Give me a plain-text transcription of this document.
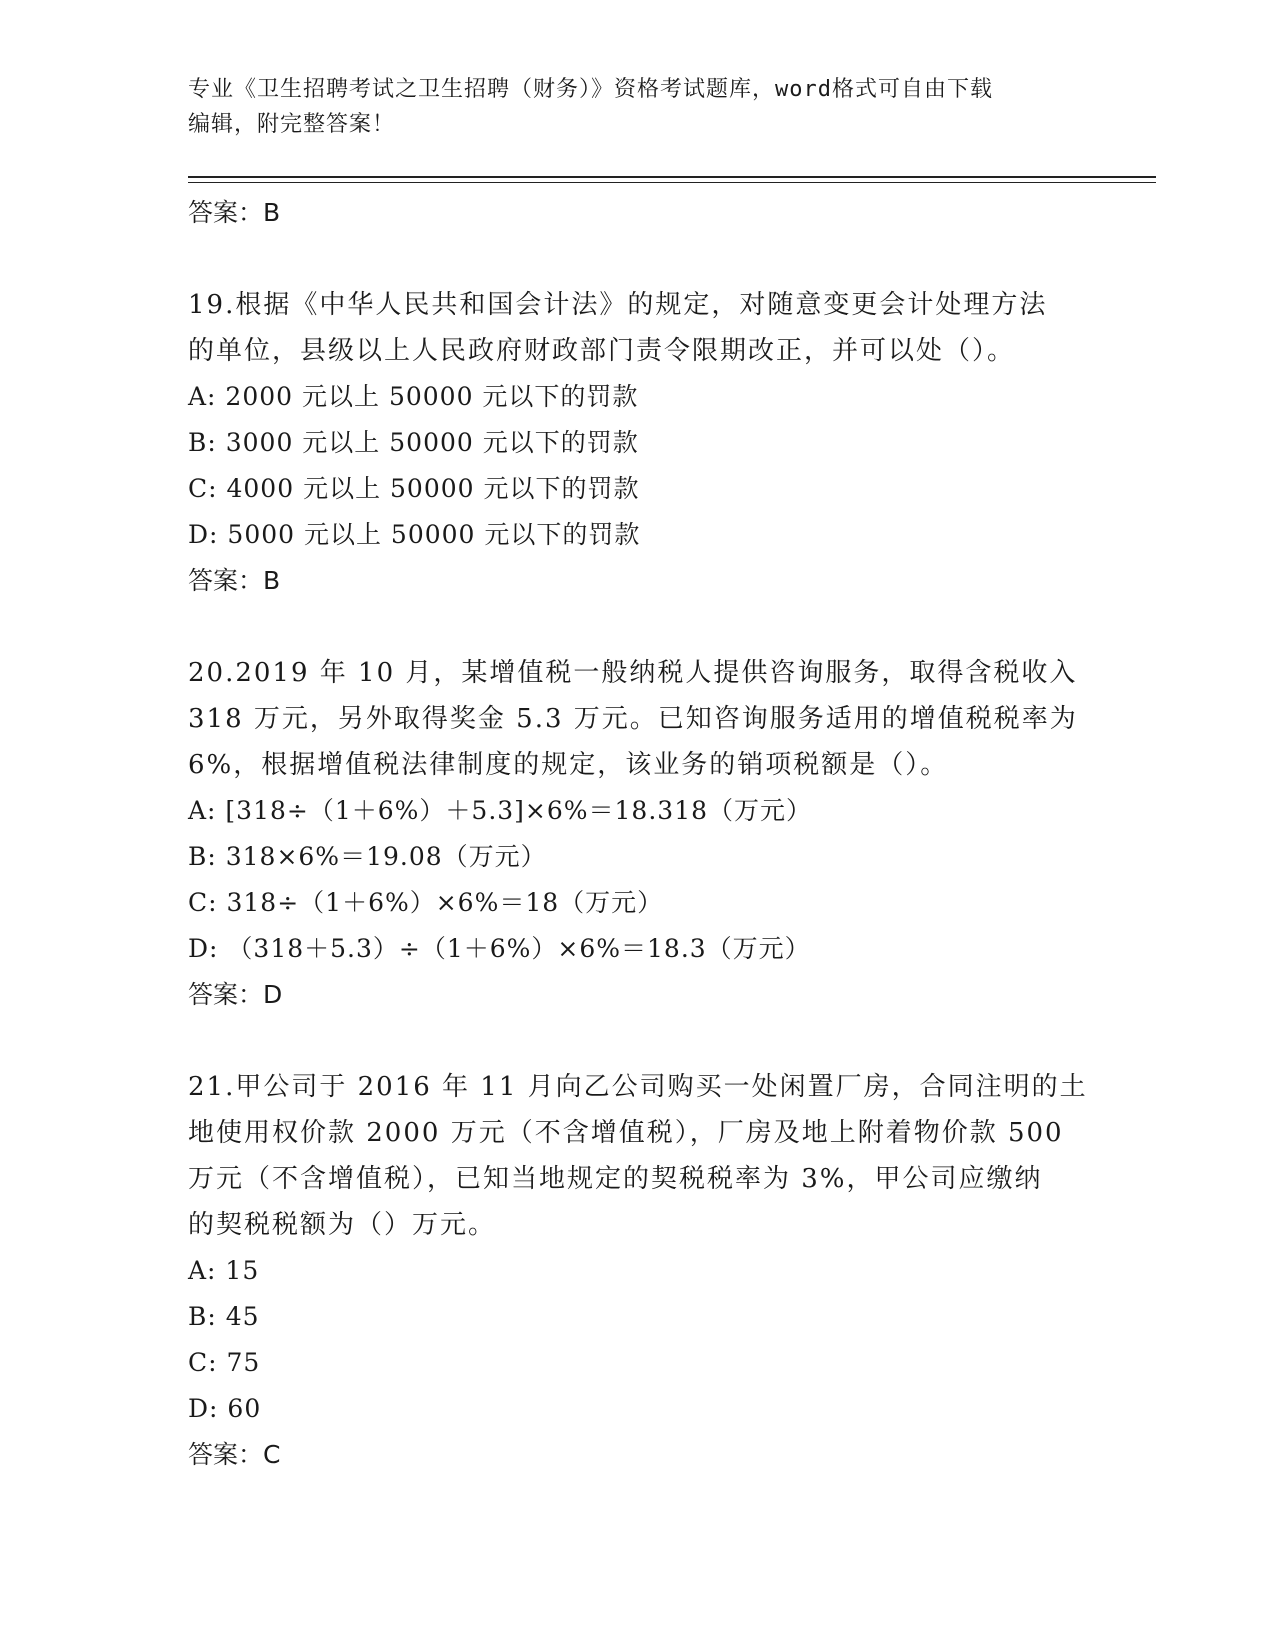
专业《卫生招聘考试之卫生招聘（财务）》资格考试题库，word格式可自由下载
编辑，附完整答案！
答案：B
19.根据《中华人民共和国会计法》的规定，对随意变更会计处理方法
的单位，县级以上人民政府财政部门责令限期改正，并可以处（）。
A: 2000 元以上 50000 元以下的罚款
B: 3000 元以上 50000 元以下的罚款
C: 4000 元以上 50000 元以下的罚款
D: 5000 元以上 50000 元以下的罚款
答案：B
20.2019 年 10 月，某增值税一般纳税人提供咨询服务，取得含税收入
318 万元，另外取得奖金 5.3 万元。已知咨询服务适用的增值税税率为
6%，根据增值税法律制度的规定，该业务的销项税额是（）。
A: [318÷（1＋6%）＋5.3]×6%＝18.318（万元）
B: 318×6%＝19.08（万元）
C: 318÷（1＋6%）×6%＝18（万元）
D: （318＋5.3）÷（1＋6%）×6%＝18.3（万元）
答案：D
21.甲公司于 2016 年 11 月向乙公司购买一处闲置厂房，合同注明的土
地使用权价款 2000 万元（不含增值税），厂房及地上附着物价款 500
万元（不含增值税），已知当地规定的契税税率为 3%，甲公司应缴纳
的契税税额为（）万元。
A: 15
B: 45
C: 75
D: 60
答案：C
